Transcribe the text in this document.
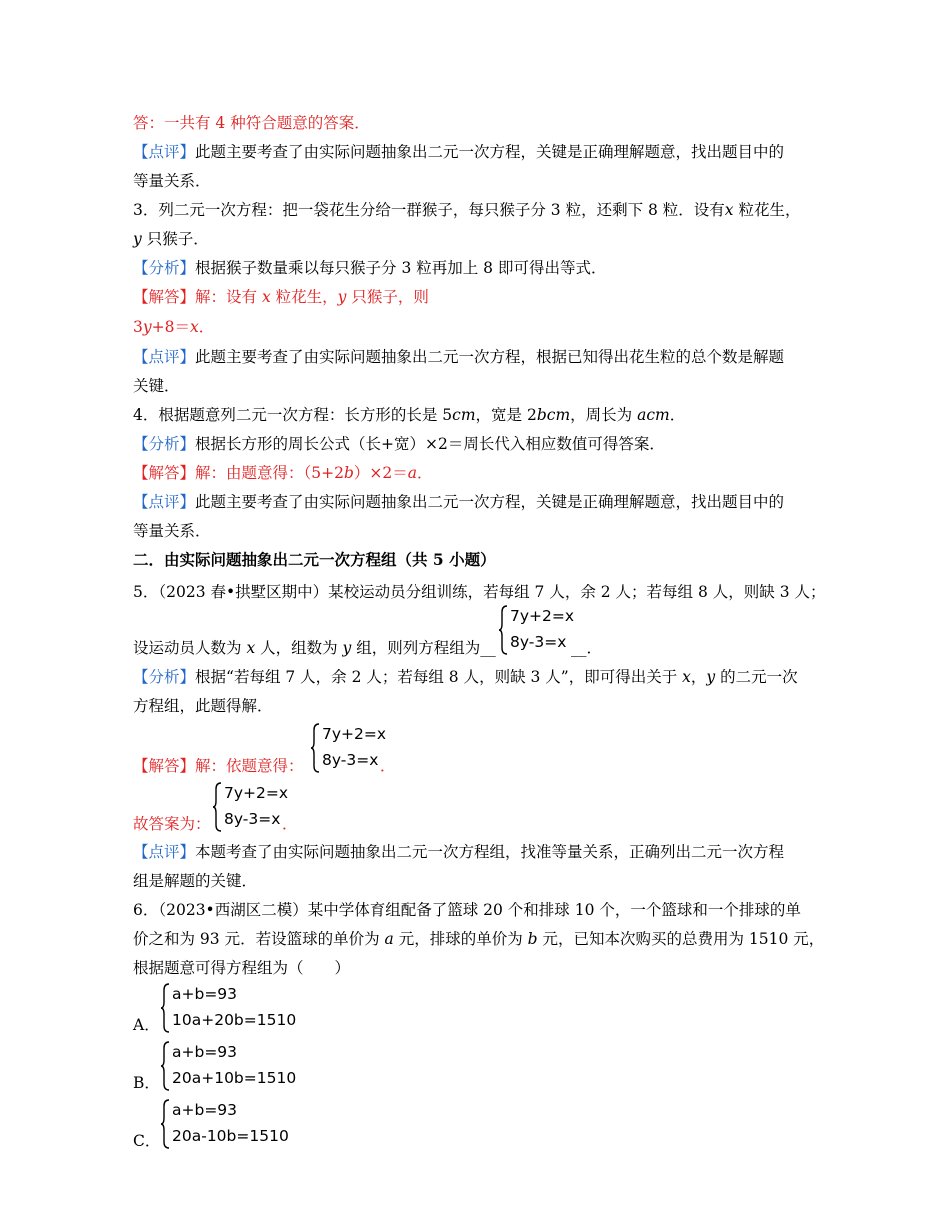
答：一共有 4 种符合题意的答案．
【点评】此题主要考查了由实际问题抽象出二元一次方程，关键是正确理解题意，找出题目中的
等量关系．
3．列二元一次方程：把一袋花生分给一群猴子，每只猴子分 3 粒，还剩下 8 粒．设有x 粒花生，
y 只猴子．
【分析】根据猴子数量乘以每只猴子分 3 粒再加上 8 即可得出等式．
【解答】解：设有 x 粒花生，y 只猴子，则
3y+8＝x．
【点评】此题主要考查了由实际问题抽象出二元一次方程，根据已知得出花生粒的总个数是解题
关键．
4．根据题意列二元一次方程：长方形的长是 5cm，宽是 2bcm，周长为 acm．
【分析】根据长方形的周长公式（长+宽）×2＝周长代入相应数值可得答案．
【解答】解：由题意得：（5+2b）×2＝a．
【点评】此题主要考查了由实际问题抽象出二元一次方程，关键是正确理解题意，找出题目中的
等量关系．
二．由实际问题抽象出二元一次方程组（共 5 小题）
5．（2023 春•拱墅区期中）某校运动员分组训练，若每组 7 人，余 2 人；若每组 8 人，则缺 3 人；
设运动员人数为 x 人，组数为 y 组，则列方程组为__
7y+2=x
8y-3=x __．
【分析】根据“若每组 7 人，余 2 人；若每组 8 人，则缺 3 人”，即可得出关于 x，y 的二元一次
方程组，此题得解．
【解答】解：依题意得：
7y+2=x
8y-3=x ．
故答案为：
7y+2=x
8y-3=x ．
【点评】本题考查了由实际问题抽象出二元一次方程组，找准等量关系，正确列出二元一次方程
组是解题的关键．
6．（2023•西湖区二模）某中学体育组配备了篮球 20 个和排球 10 个，一个篮球和一个排球的单
价之和为 93 元．若设篮球的单价为 a 元，排球的单价为 b 元，已知本次购买的总费用为 1510 元，
根据题意可得方程组为（　　）
A．
a+b=93
10a+20b=1510
B．
a+b=93
20a+10b=1510
C．
a+b=93
20a-10b=1510
